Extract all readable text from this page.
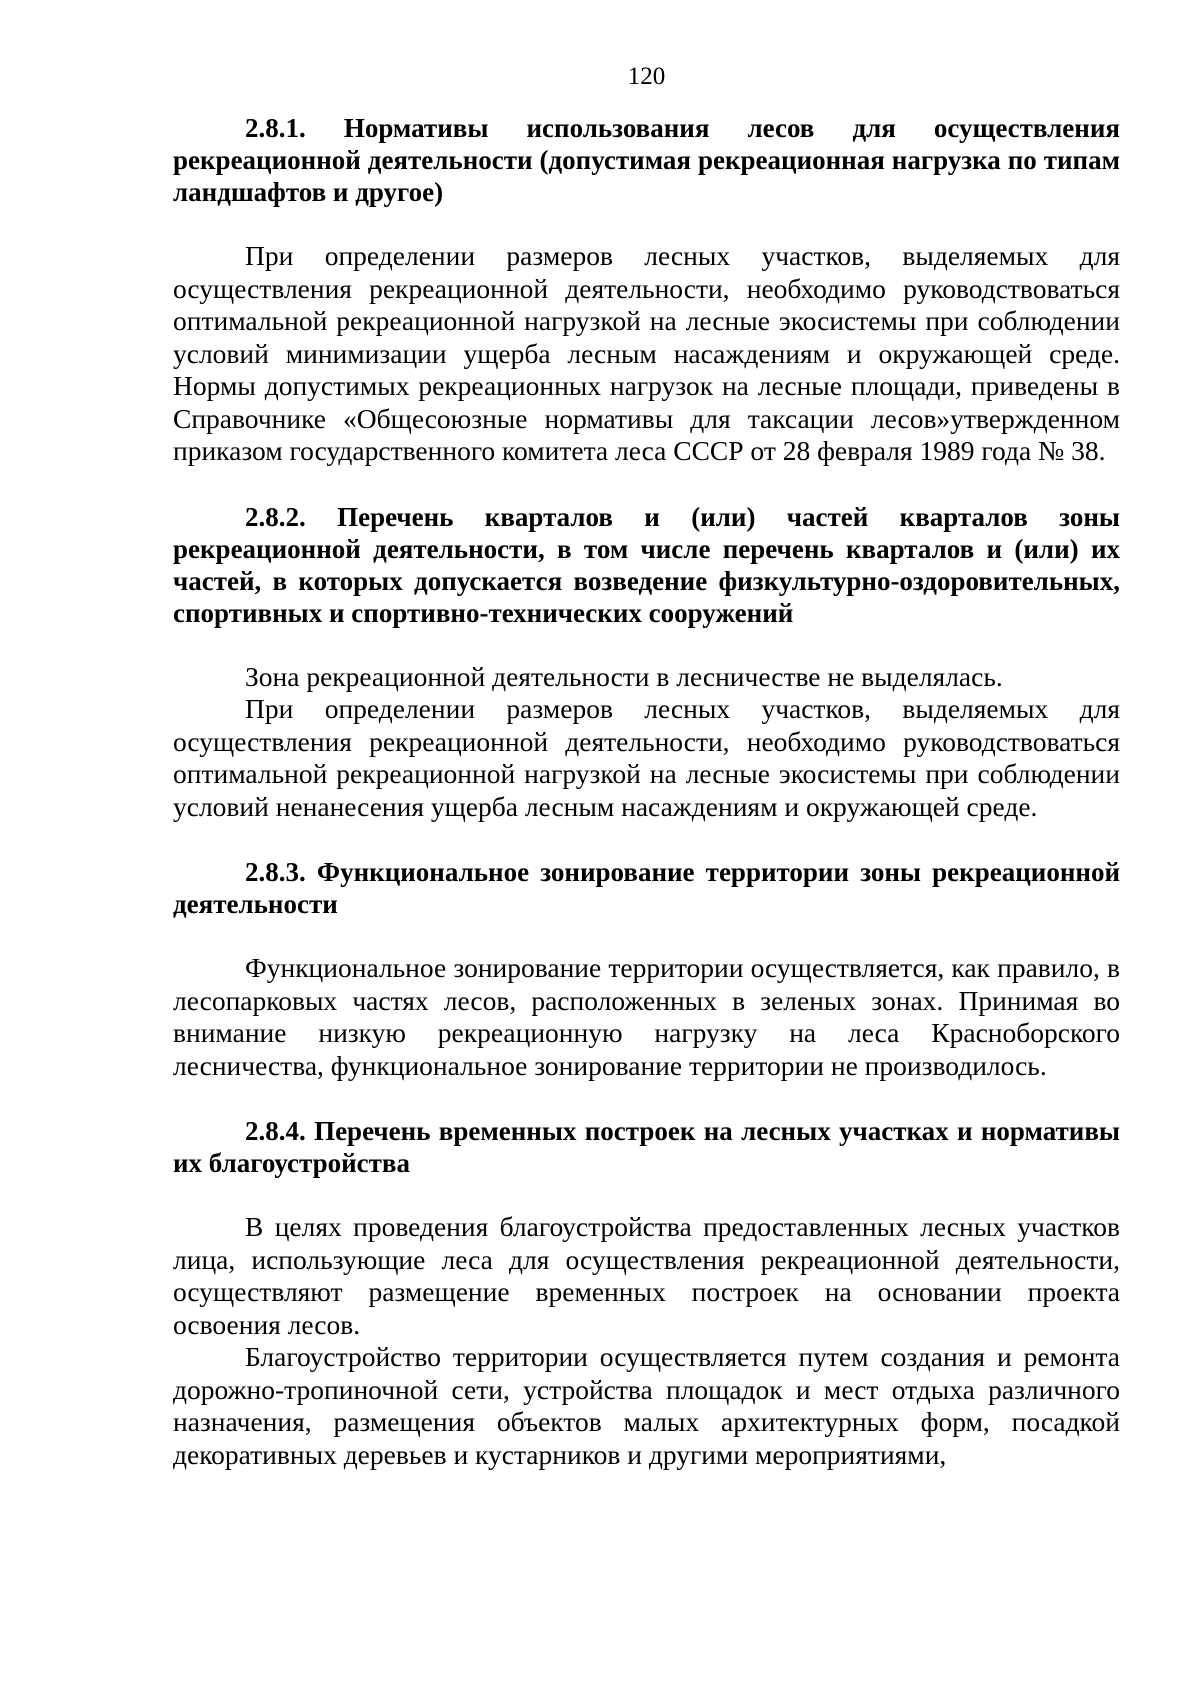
120

2.8.1. Нормативы использования лесов для осуществления рекреационной деятельности (допустимая рекреационная нагрузка по типам ландшафтов и другое)

При определении размеров лесных участков, выделяемых для осуществления рекреационной деятельности, необходимо руководствоваться оптимальной рекреационной нагрузкой на лесные экосистемы при соблюдении условий минимизации ущерба лесным насаждениям и окружающей среде. Нормы допустимых рекреационных нагрузок на лесные площади, приведены в Справочнике «Общесоюзные нормативы для таксации лесов»утвержденном приказом государственного комитета леса СССР от 28 февраля 1989 года № 38.

2.8.2. Перечень кварталов и (или) частей кварталов зоны рекреационной деятельности, в том числе перечень кварталов и (или) их частей, в которых допускается возведение физкультурно-оздоровительных, спортивных и спортивно-технических сооружений

Зона рекреационной деятельности в лесничестве не выделялась.

При определении размеров лесных участков, выделяемых для осуществления рекреационной деятельности, необходимо руководствоваться оптимальной рекреационной нагрузкой на лесные экосистемы при соблюдении условий ненанесения ущерба лесным насаждениям и окружающей среде.

2.8.3. Функциональное зонирование территории зоны рекреационной деятельности

Функциональное зонирование территории осуществляется, как правило, в лесопарковых частях лесов, расположенных в зеленых зонах. Принимая во внимание низкую рекреационную нагрузку на леса Красноборского лесничества, функциональное зонирование территории не производилось.

2.8.4. Перечень временных построек на лесных участках и нормативы их благоустройства

В целях проведения благоустройства предоставленных лесных участков лица, использующие леса для осуществления рекреационной деятельности, осуществляют размещение временных построек на основании проекта освоения лесов.

Благоустройство территории осуществляется путем создания и ремонта дорожно-тропиночной сети, устройства площадок и мест отдыха различного назначения, размещения объектов малых архитектурных форм, посадкой декоративных деревьев и кустарников и другими мероприятиями,
